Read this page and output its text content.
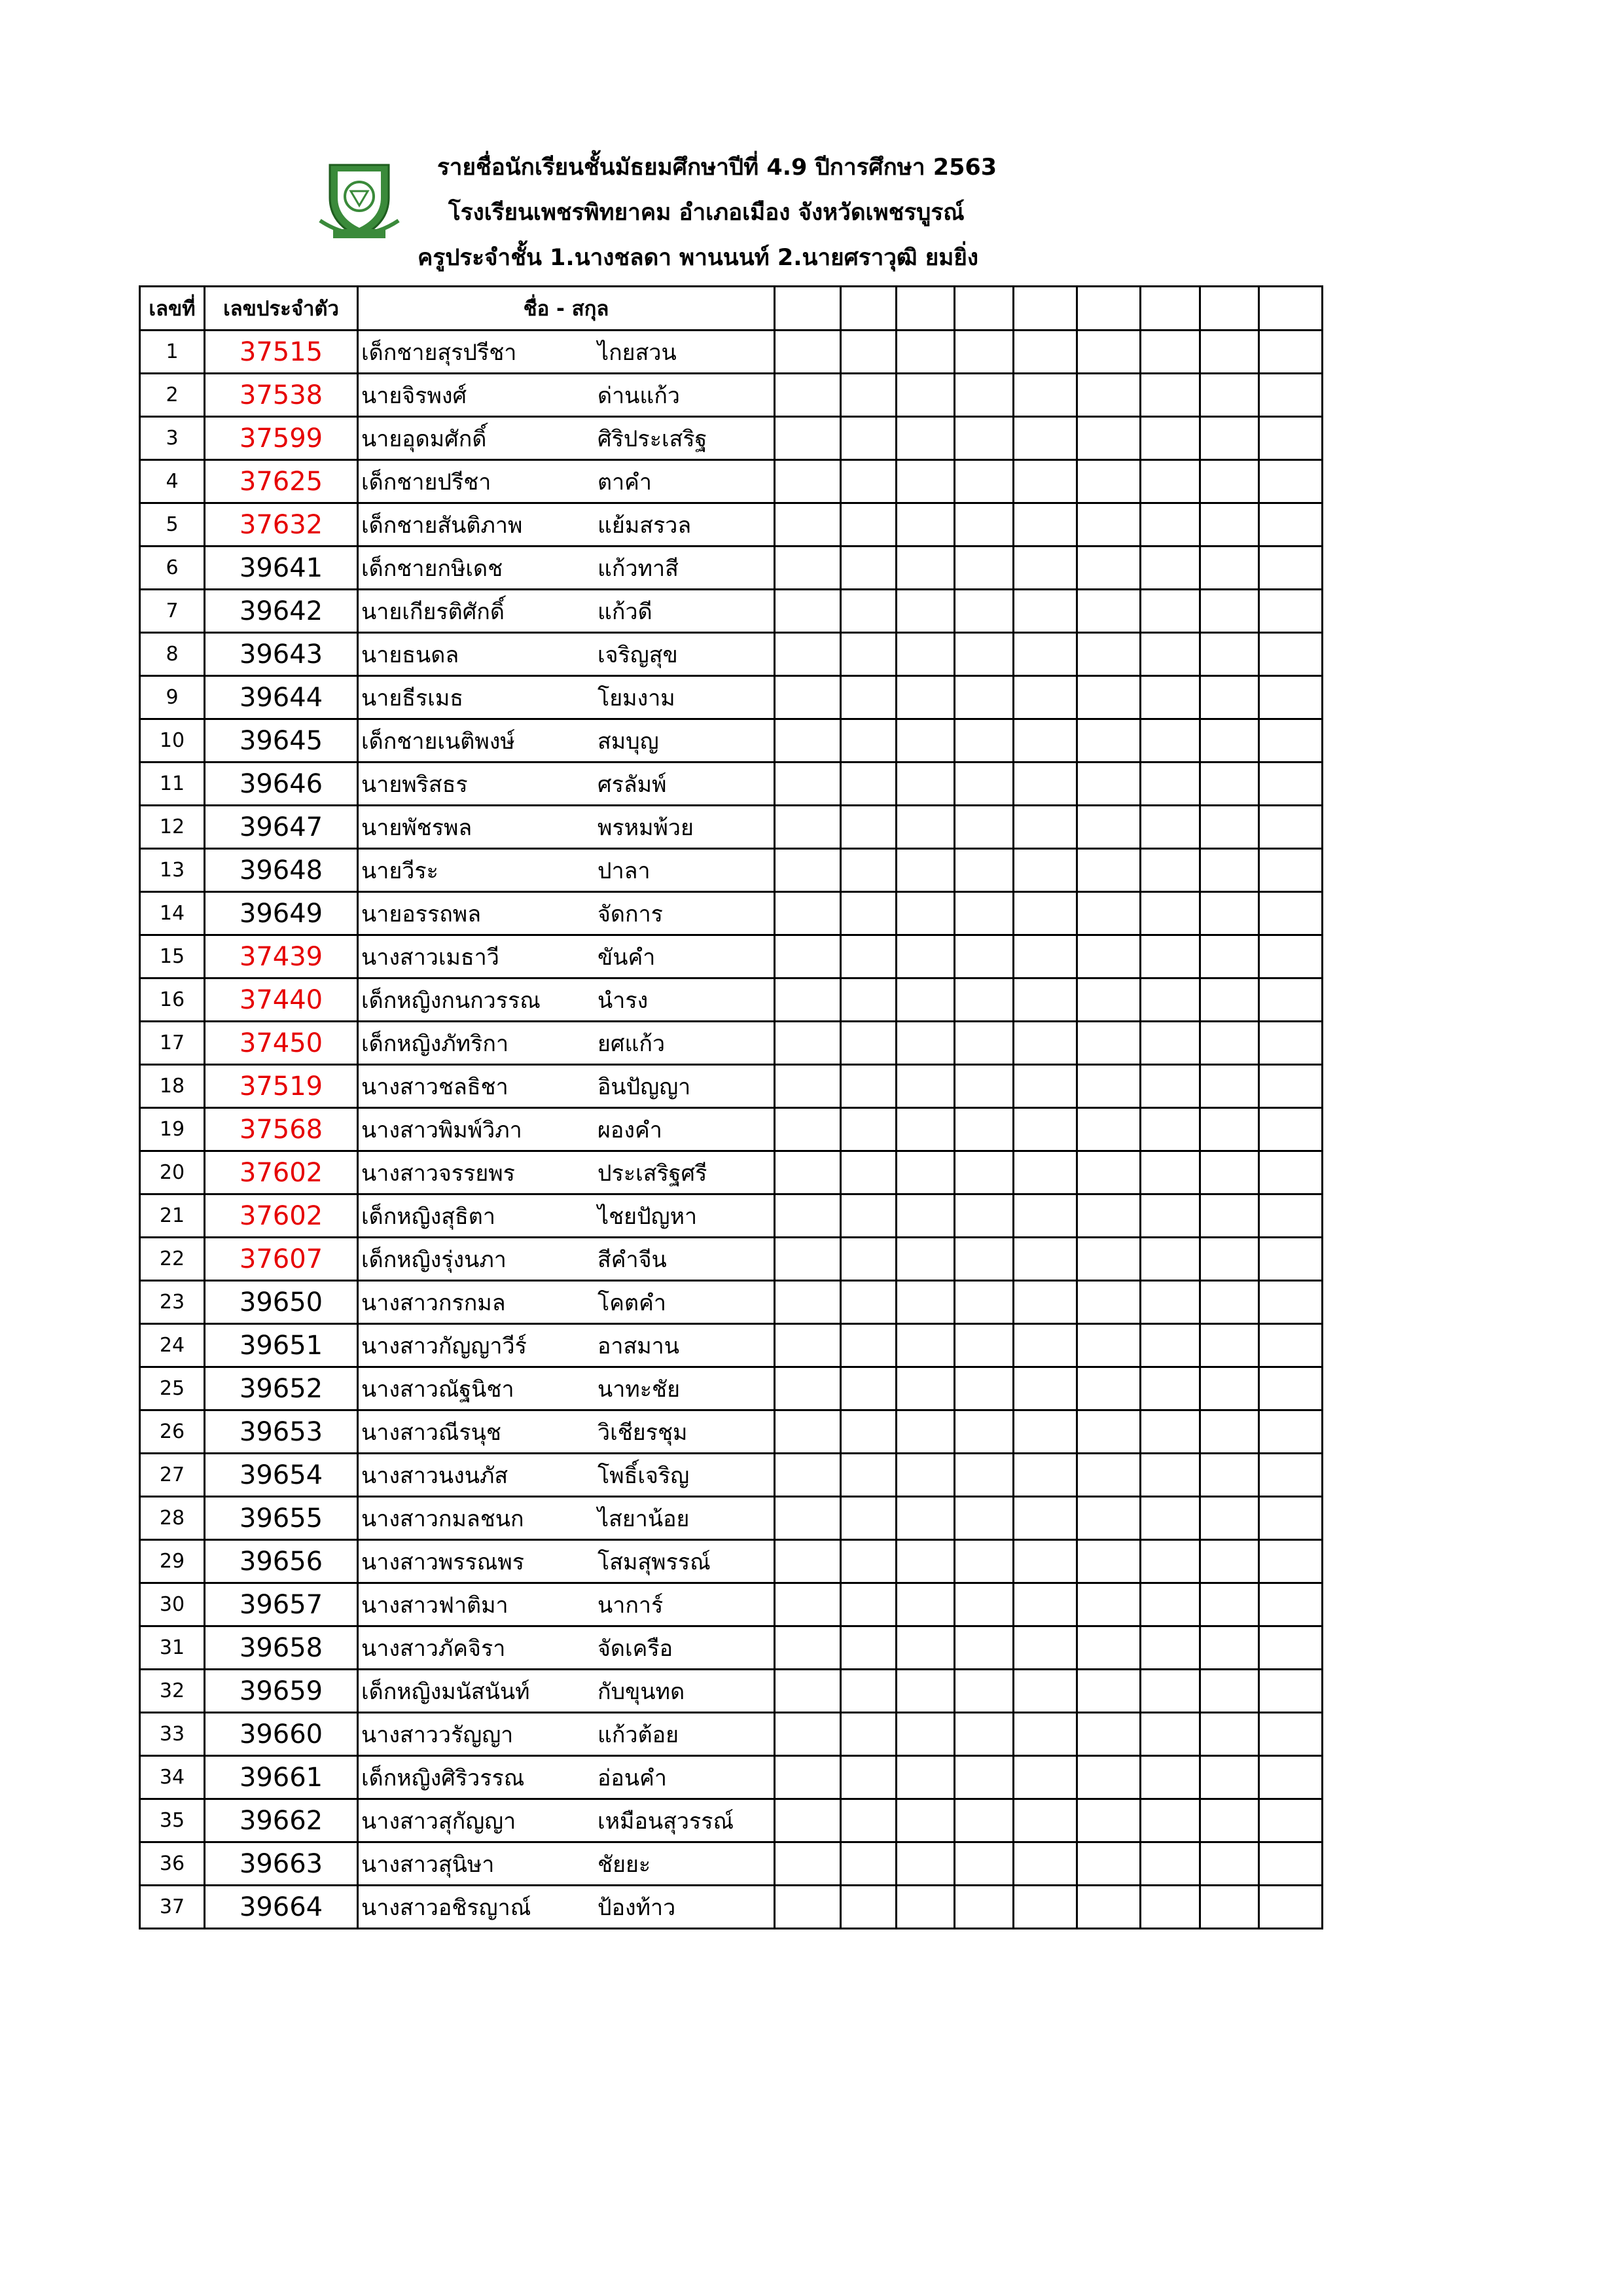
รายชื่อนักเรียนชั้นมัธยมศึกษาปีที่ 4.9 ปีการศึกษา 2563
โรงเรียนเพชรพิทยาคม อำเภอเมือง จังหวัดเพชรบูรณ์
ครูประจำชั้น 1.นางชลดา พานนนท์ 2.นายศราวุฒิ ยมยิ่ง
เลขที่	เลขประจำตัว	ชื่อ - สกุล									
1	37515	เด็กชายสุรปรีชา ไกยสวน									

2	37538	นายจิรพงศ์ ด่านแก้ว									

3	37599	นายอุดมศักดิ์ ศิริประเสริฐ									

4	37625	เด็กชายปรีชา ตาคำ									

5	37632	เด็กชายสันติภาพ แย้มสรวล									

6	39641	เด็กชายกษิเดช แก้วทาสี									

7	39642	นายเกียรติศักดิ์ แก้วดี									

8	39643	นายธนดล เจริญสุข									

9	39644	นายธีรเมธ โยมงาม									

10	39645	เด็กชายเนติพงษ์ สมบุญ									

11	39646	นายพริสธร ศรลัมพ์									

12	39647	นายพัชรพล พรหมพ้วย									

13	39648	นายวีระ ปาลา									

14	39649	นายอรรถพล จัดการ									

15	37439	นางสาวเมธาวี ขันคำ									

16	37440	เด็กหญิงกนกวรรณ นำรง									

17	37450	เด็กหญิงภัทริกา ยศแก้ว									

18	37519	นางสาวชลธิชา อินปัญญา									

19	37568	นางสาวพิมพ์วิภา ผองคำ									

20	37602	นางสาวจรรยพร ประเสริฐศรี									

21	37602	เด็กหญิงสุธิตา ไชยปัญหา									

22	37607	เด็กหญิงรุ่งนภา สีคำจีน									

23	39650	นางสาวกรกมล โคตคำ									

24	39651	นางสาวกัญญาวีร์ อาสมาน									

25	39652	นางสาวณัฐนิชา นาทะชัย									

26	39653	นางสาวณีรนุช วิเชียรชุม									

27	39654	นางสาวนงนภัส โพธิ์เจริญ									

28	39655	นางสาวกมลชนก ไสยาน้อย									

29	39656	นางสาวพรรณพร โสมสุพรรณ์									

30	39657	นางสาวฟาติมา นาการ์									

31	39658	นางสาวภัคจิรา จัดเครือ									

32	39659	เด็กหญิงมนัสนันท์ กับขุนทด									

33	39660	นางสาววรัญญา แก้วต้อย									

34	39661	เด็กหญิงศิริวรรณ อ่อนคำ									

35	39662	นางสาวสุกัญญา เหมือนสุวรรณ์									

36	39663	นางสาวสุนิษา ชัยยะ									

37	39664	นางสาวอชิรญาณ์ ป้องท้าว									
